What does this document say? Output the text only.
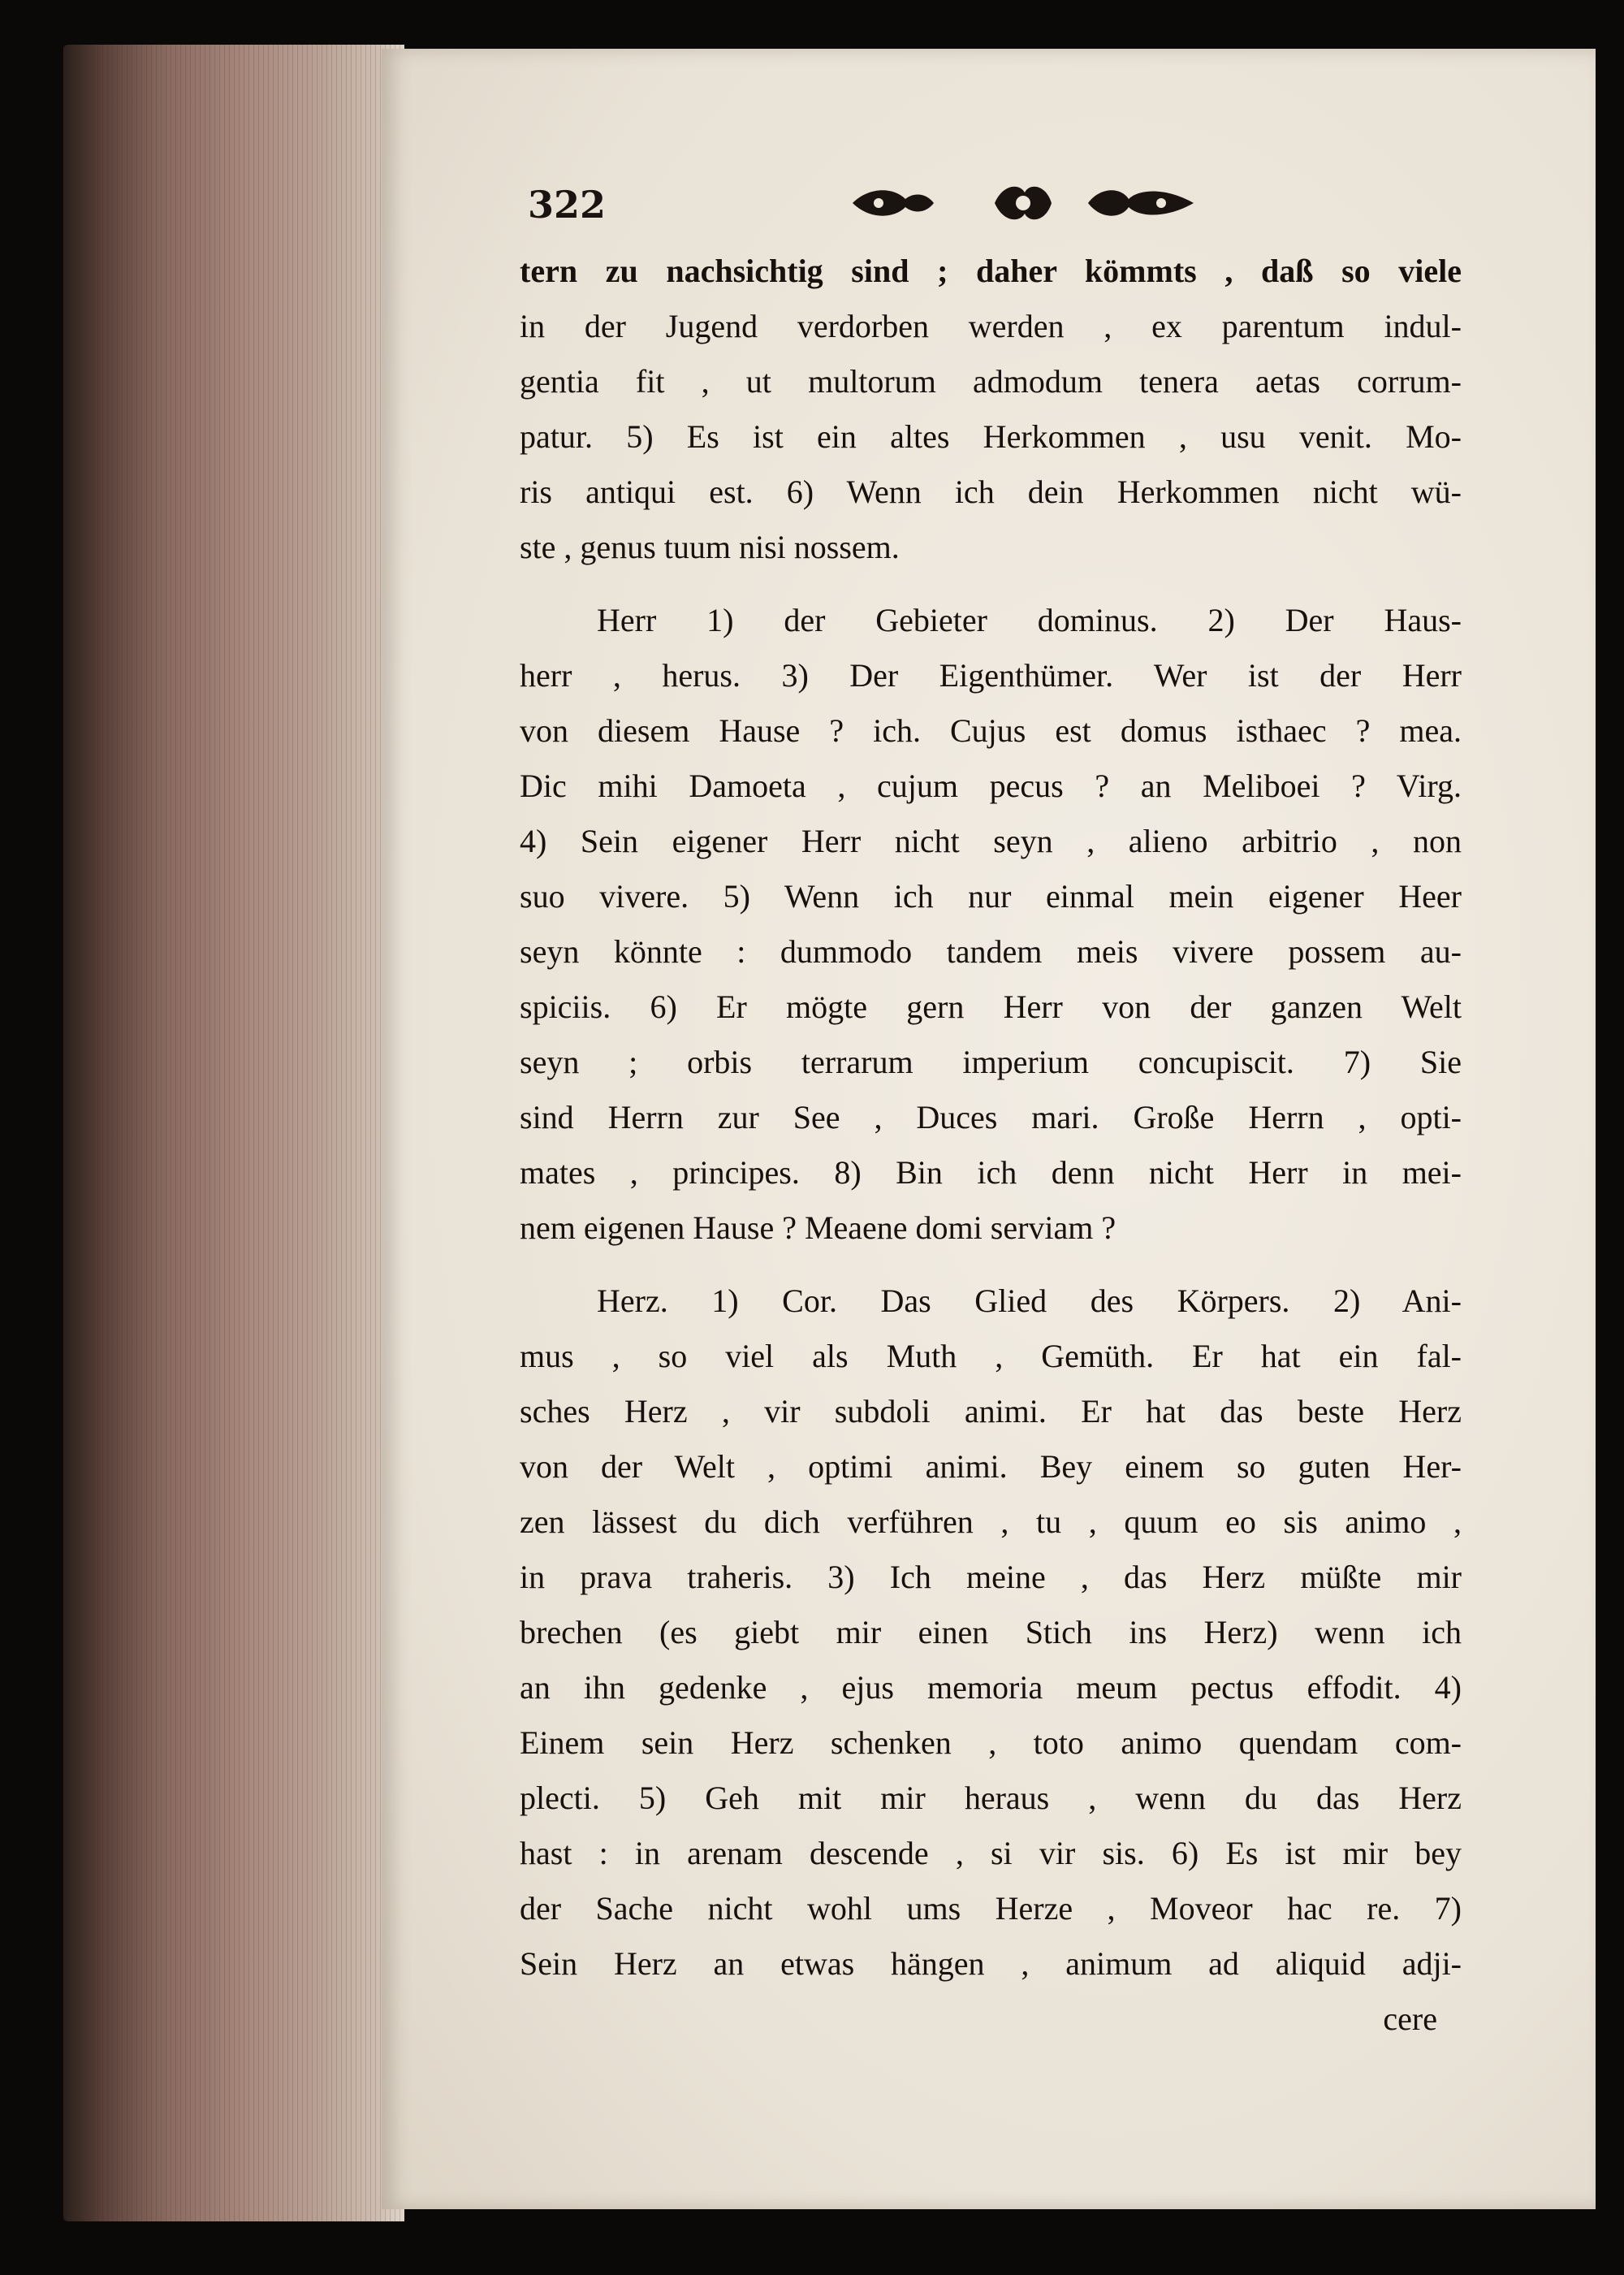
322
tern zu nachsichtig sind ; daher kömmts , daß so viele
in der Jugend verdorben werden , ex parentum indul-
gentia fit , ut multorum admodum tenera aetas corrum-
patur. 5) Es ist ein altes Herkommen , usu venit. Mo-
ris antiqui est. 6) Wenn ich dein Herkommen nicht wü-
ste , genus tuum nisi nossem.
Herr 1) der Gebieter dominus. 2) Der Haus-
herr , herus. 3) Der Eigenthümer. Wer ist der Herr
von diesem Hause ? ich. Cujus est domus isthaec ? mea.
Dic mihi Damoeta , cujum pecus ? an Meliboei ? Virg.
4) Sein eigener Herr nicht seyn , alieno arbitrio , non
suo vivere. 5) Wenn ich nur einmal mein eigener Heer
seyn könnte : dummodo tandem meis vivere possem au-
spiciis. 6) Er mögte gern Herr von der ganzen Welt
seyn ; orbis terrarum imperium concupiscit. 7) Sie
sind Herrn zur See , Duces mari. Große Herrn , opti-
mates , principes. 8) Bin ich denn nicht Herr in mei-
nem eigenen Hause ? Meaene domi serviam ?
Herz. 1) Cor. Das Glied des Körpers. 2) Ani-
mus , so viel als Muth , Gemüth. Er hat ein fal-
sches Herz , vir subdoli animi. Er hat das beste Herz
von der Welt , optimi animi. Bey einem so guten Her-
zen lässest du dich verführen , tu , quum eo sis animo ,
in prava traheris. 3) Ich meine , das Herz müßte mir
brechen (es giebt mir einen Stich ins Herz) wenn ich
an ihn gedenke , ejus memoria meum pectus effodit. 4)
Einem sein Herz schenken , toto animo quendam com-
plecti. 5) Geh mit mir heraus , wenn du das Herz
hast : in arenam descende , si vir sis. 6) Es ist mir bey
der Sache nicht wohl ums Herze , Moveor hac re. 7)
Sein Herz an etwas hängen , animum ad aliquid adji-
cere
